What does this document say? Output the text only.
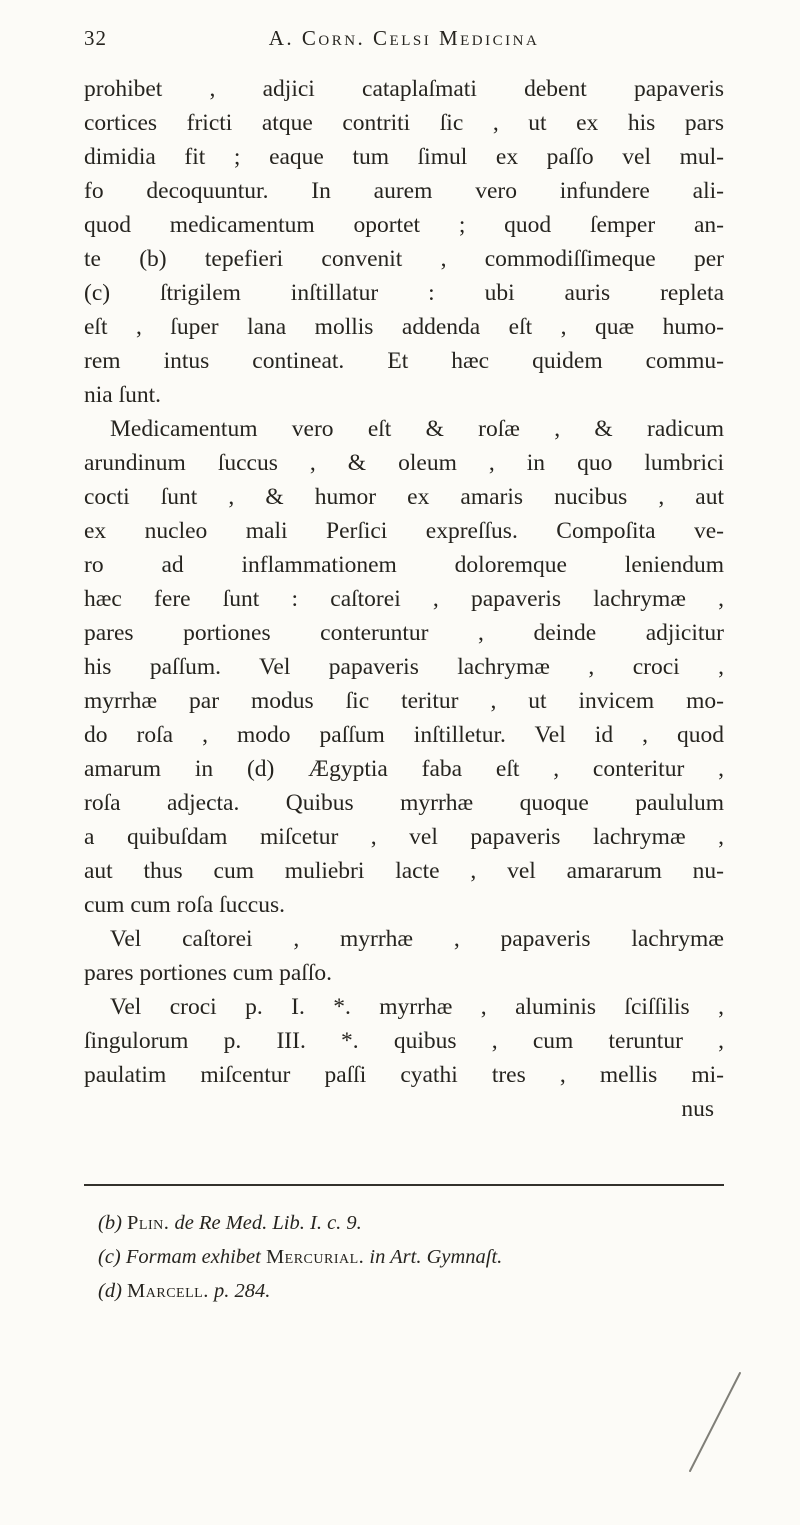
32	A. Corn. Celsi Medicina
prohibet , adjici cataplaſmati debent papaveris
cortices fricti atque contriti ſic , ut ex his pars
dimidia fit ; eaque tum ſimul ex paſſo vel mul-
fo decoquuntur. In aurem vero infundere ali-
quod medicamentum oportet ; quod ſemper an-
te (b) tepefieri convenit , commodiſſimeque per
(c) ſtrigilem inſtillatur : ubi auris repleta
eſt , ſuper lana mollis addenda eſt , quæ humo-
rem intus contineat. Et hæc quidem commu-
nia ſunt.
Medicamentum vero eſt & roſæ , & radicum
arundinum ſuccus , & oleum , in quo lumbrici
cocti ſunt , & humor ex amaris nucibus , aut
ex nucleo mali Perſici expreſſus. Compoſita ve-
ro ad inflammationem doloremque leniendum
hæc fere ſunt : caſtorei , papaveris lachrymæ ,
pares portiones conteruntur , deinde adjicitur
his paſſum. Vel papaveris lachrymæ , croci ,
myrrhæ par modus ſic teritur , ut invicem mo-
do roſa , modo paſſum inſtilletur. Vel id , quod
amarum in (d) Ægyptia faba eſt , conteritur ,
roſa adjecta. Quibus myrrhæ quoque paululum
a quibuſdam miſcetur , vel papaveris lachrymæ ,
aut thus cum muliebri lacte , vel amararum nu-
cum cum roſa ſuccus.
Vel caſtorei , myrrhæ , papaveris lachrymæ
pares portiones cum paſſo.
Vel croci p. I. *. myrrhæ , aluminis ſciſſilis ,
ſingulorum p. III. *. quibus , cum teruntur ,
paulatim miſcentur paſſi cyathi tres , mellis mi-
nus
(b) Plin. de Re Med. Lib. I. c. 9.
(c) Formam exhibet Mercurial. in Art. Gymnaſt.
(d) Marcell. p. 284.
